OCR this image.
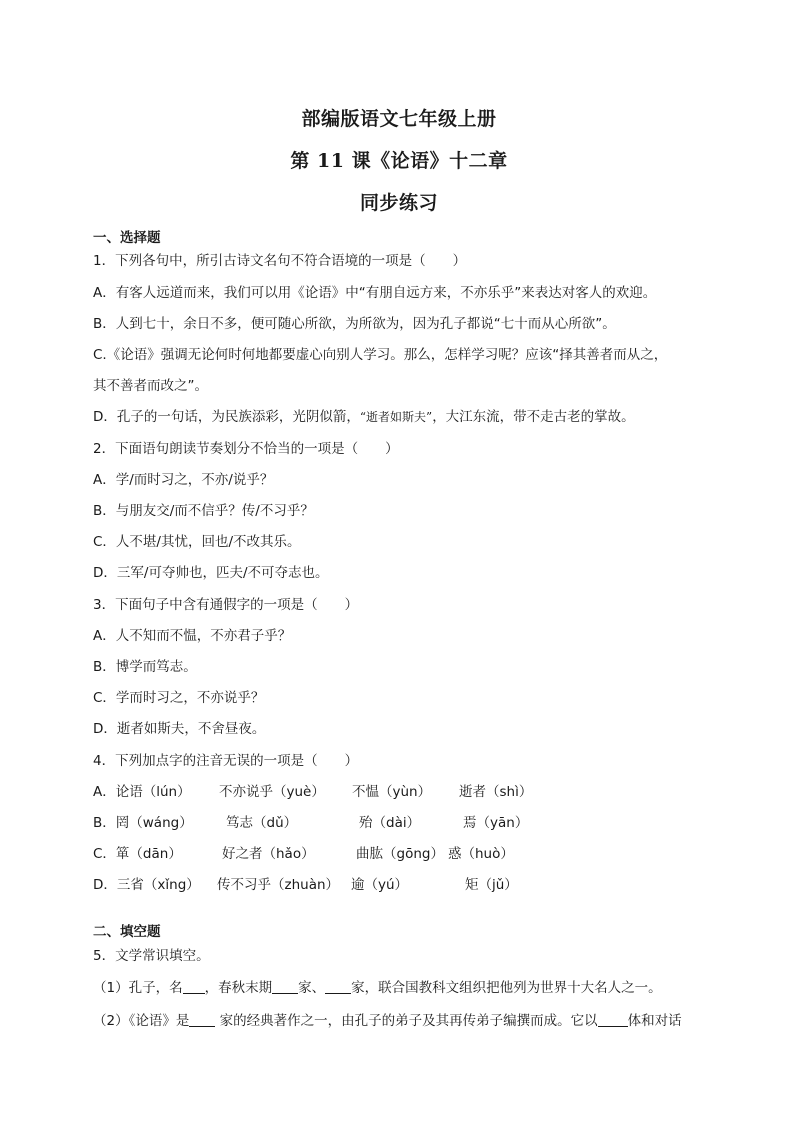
部编版语文七年级上册
第 11 课《论语》十二章
同步练习
一、选择题
1．下列各句中，所引古诗文名句不符合语境的一项是（　　）
A．有客人远道而来，我们可以用《论语》中“有朋自远方来，不亦乐乎”来表达对客人的欢迎。
B．人到七十，余日不多，便可随心所欲，为所欲为，因为孔子都说“七十而从心所欲”。
C.《论语》强调无论何时何地都要虚心向别人学习。那么，怎样学习呢？应该“择其善者而从之，
其不善者而改之”。
D．孔子的一句话，为民族添彩，光阴似箭，“逝者如斯夫”，大江东流，带不走古老的掌故。
2．下面语句朗读节奏划分不恰当的一项是（　　）
A．学/而时习之，不亦/说乎？
B．与朋友交/而不信乎？传/不习乎？
C．人不堪/其忧，回也/不改其乐。
D．三军/可夺帅也，匹夫/不可夺志也。
3．下面句子中含有通假字的一项是（　　）
A．人不知而不愠，不亦君子乎？
B．博学而笃志。
C．学而时习之，不亦说乎？
D．逝者如斯夫，不舍昼夜。
4．下列加点字的注音无误的一项是（　　）
A．论语（lún） 不亦说乎（yuè） 不愠（yùn） 逝者（shì）
B．罔（wáng） 笃志（dǔ）	殆（dài）	焉（yān）
C．箪（dān）	好之者（hǎo）	曲肱（gōng） 惑（huò）
D．三省（xǐng） 传不习乎（zhuàn） 逾（yú）	矩（jǔ）
二、填空题
5．文学常识填空。
（1）孔子，名 ，春秋末期 家、 家，联合国教科文组织把他列为世界十大名人之一。
（2）《论语》是 家的经典著作之一，由孔子的弟子及其再传弟子编撰而成。它以 体和对话
